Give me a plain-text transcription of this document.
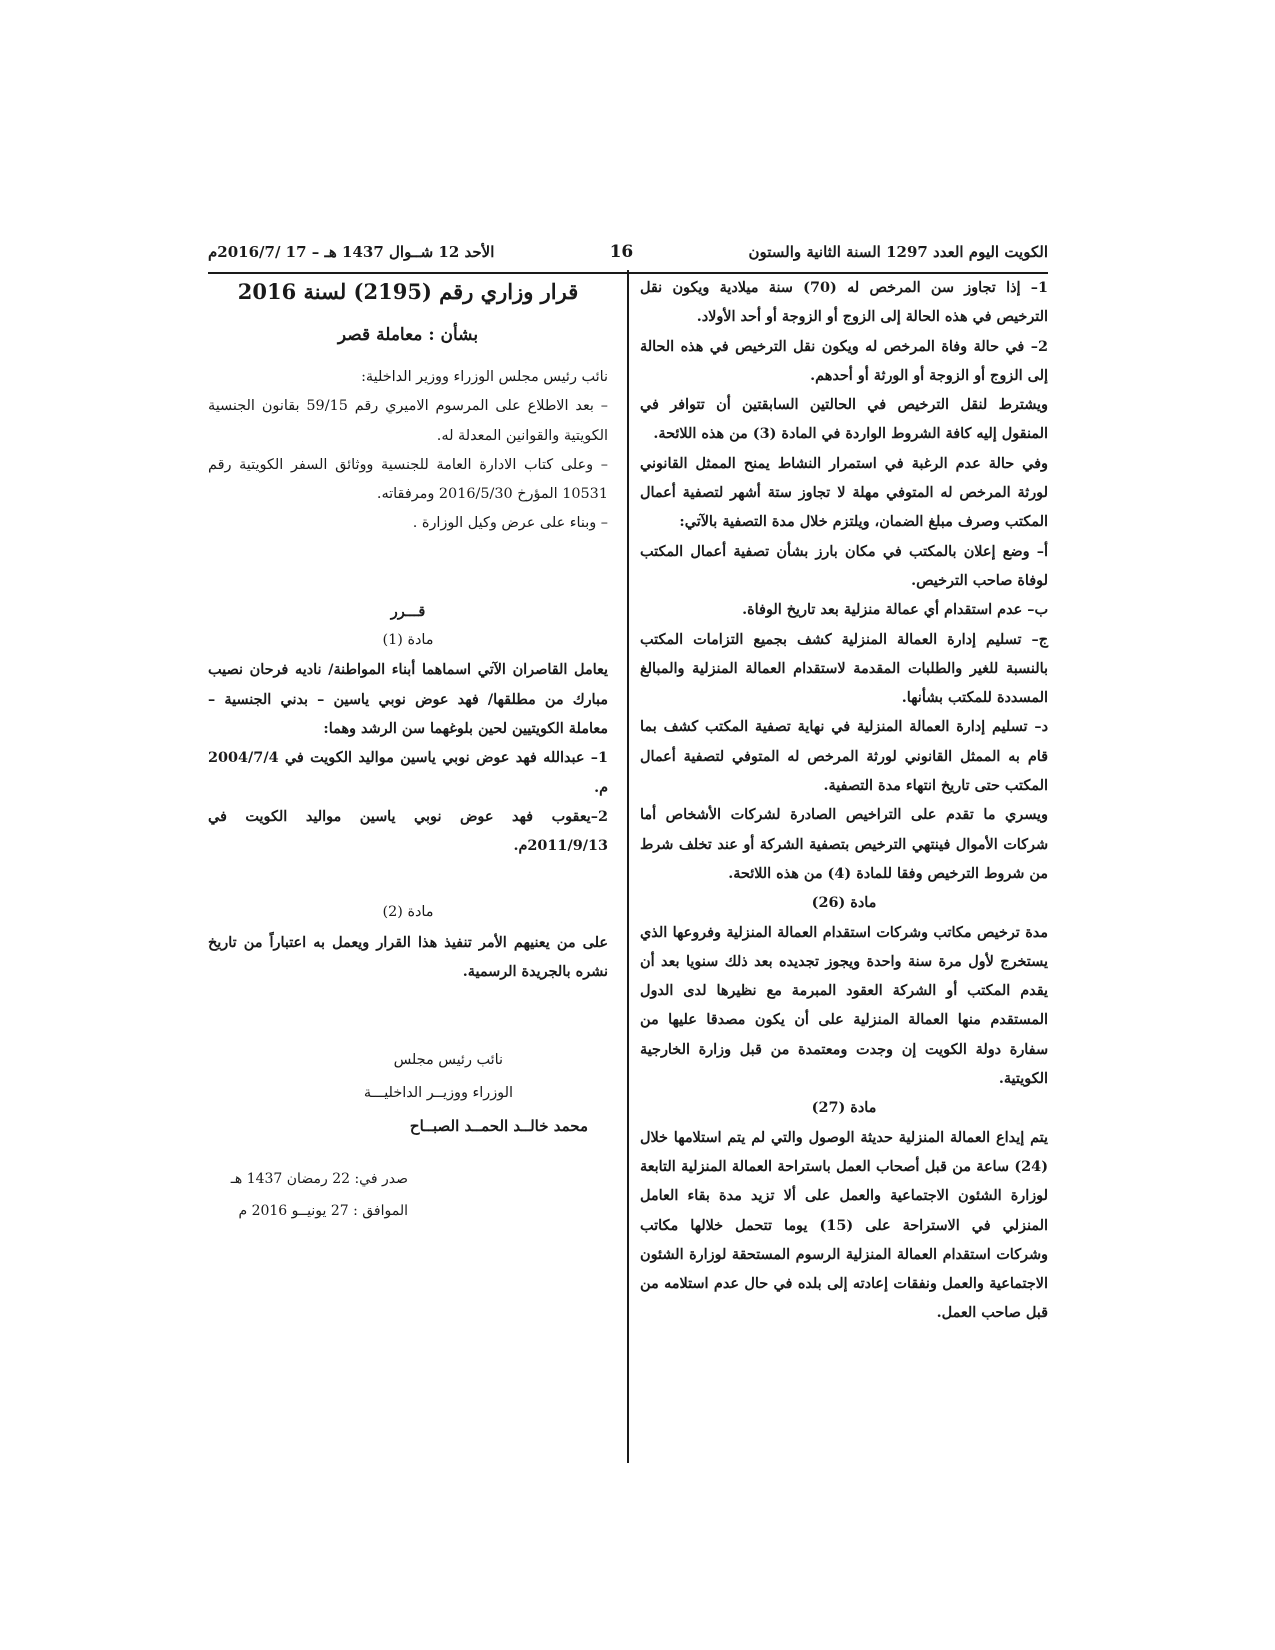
الأحد 12 شــوال 1437 هـ – 17 /2016/7م	16	الكويت اليوم العدد 1297 السنة الثانية والستون

1– إذا تجاوز سن المرخص له (70) سنة ميلادية ويكون نقل الترخيص في هذه الحالة إلى الزوج أو الزوجة أو أحد الأولاد.

2– في حالة وفاة المرخص له ويكون نقل الترخيص في هذه الحالة إلى الزوج أو الزوجة أو الورثة أو أحدهم.

ويشترط لنقل الترخيص في الحالتين السابقتين أن تتوافر في المنقول إليه كافة الشروط الواردة في المادة (3) من هذه اللائحة.

وفي حالة عدم الرغبة في استمرار النشاط يمنح الممثل القانوني لورثة المرخص له المتوفي مهلة لا تجاوز ستة أشهر لتصفية أعمال المكتب وصرف مبلغ الضمان، ويلتزم خلال مدة التصفية بالآتي:

أ– وضع إعلان بالمكتب في مكان بارز بشأن تصفية أعمال المكتب لوفاة صاحب الترخيص.

ب– عدم استقدام أي عمالة منزلية بعد تاريخ الوفاة.

ج– تسليم إدارة العمالة المنزلية كشف بجميع التزامات المكتب بالنسبة للغير والطلبات المقدمة لاستقدام العمالة المنزلية والمبالغ المسددة للمكتب بشأنها.

د– تسليم إدارة العمالة المنزلية في نهاية تصفية المكتب كشف بما قام به الممثل القانوني لورثة المرخص له المتوفي لتصفية أعمال المكتب حتى تاريخ انتهاء مدة التصفية.

ويسري ما تقدم على التراخيص الصادرة لشركات الأشخاص أما شركات الأموال فينتهي الترخيص بتصفية الشركة أو عند تخلف شرط من شروط الترخيص وفقا للمادة (4) من هذه اللائحة.

مادة (26)

مدة ترخيص مكاتب وشركات استقدام العمالة المنزلية وفروعها الذي يستخرج لأول مرة سنة واحدة ويجوز تجديده بعد ذلك سنويا بعد أن يقدم المكتب أو الشركة العقود المبرمة مع نظيرها لدى الدول المستقدم منها العمالة المنزلية على أن يكون مصدقا عليها من سفارة دولة الكويت إن وجدت ومعتمدة من قبل وزارة الخارجية الكويتية.

مادة (27)

يتم إيداع العمالة المنزلية حديثة الوصول والتي لم يتم استلامها خلال (24) ساعة من قبل أصحاب العمل باستراحة العمالة المنزلية التابعة لوزارة الشئون الاجتماعية والعمل على ألا تزيد مدة بقاء العامل المنزلي في الاستراحة على (15) يوما تتحمل خلالها مكاتب وشركات استقدام العمالة المنزلية الرسوم المستحقة لوزارة الشئون الاجتماعية والعمل ونفقات إعادته إلى بلده في حال عدم استلامه من قبل صاحب العمل.

قرار وزاري رقم (2195) لسنة 2016

بشأن : معاملة قصر

نائب رئيس مجلس الوزراء ووزير الداخلية:

– بعد الاطلاع على المرسوم الاميري رقم 59/15 بقانون الجنسية الكويتية والقوانين المعدلة له.

– وعلى كتاب الادارة العامة للجنسية ووثائق السفر الكويتية رقم 10531 المؤرخ 2016/5/30 ومرفقاته.

– وبناء على عرض وكيل الوزارة .

قـــرر

مادة (1)

يعامل القاصران الآتي اسماهما أبناء المواطنة/ ناديه فرحان نصيب مبارك من مطلقها/ فهد عوض نوبي ياسين – بدني الجنسية – معاملة الكويتيين لحين بلوغهما سن الرشد وهما:

1– عبدالله فهد عوض نوبي ياسين مواليد الكويت في 2004/7/4 م.

2–يعقوب فهد عوض نوبي ياسين مواليد الكويت في 2011/9/13م.

مادة (2)

على من يعنيهم الأمر تنفيذ هذا القرار ويعمل به اعتباراً من تاريخ نشره بالجريدة الرسمية.

نائب رئيس مجلس

الوزراء ووزيــر الداخليـــة

محمد خالــد الحمــد الصبــاح

صدر في: 22 رمضان 1437 هـ

الموافق : 27 يونيــو 2016 م
